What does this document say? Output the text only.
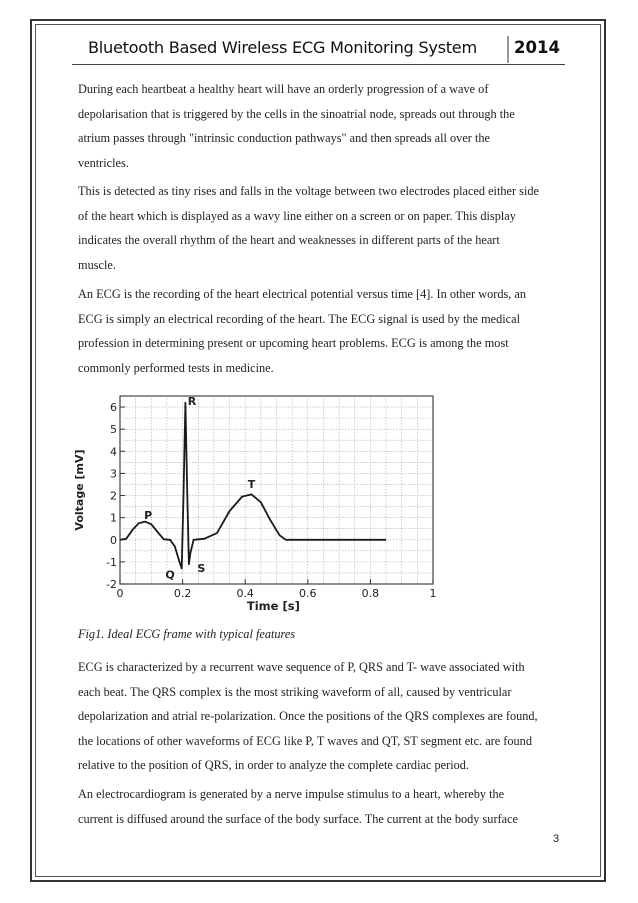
Bluetooth Based Wireless ECG Monitoring System 2014

During each heartbeat a healthy heart will have an orderly progression of a wave of
depolarisation that is triggered by the cells in the sinoatrial node, spreads out through the
atrium passes through "intrinsic conduction pathways" and then spreads all over the
ventricles.

This is detected as tiny rises and falls in the voltage between two electrodes placed either side
of the heart which is displayed as a wavy line either on a screen or on paper. This display
indicates the overall rhythm of the heart and weaknesses in different parts of the heart
muscle.

An ECG is the recording of the heart electrical potential versus time [4]. In other words, an
ECG is simply an electrical recording of the heart. The ECG signal is used by the medical
profession in determining present or upcoming heart problems. ECG is among the most
commonly performed tests in medicine.

-2
-1
0
1
2
3
4
5
6
0	0.2	0.4	0.6	0.8	1
Time [s]
Voltage [mV]	P
Q
R
S
T
Fig1. Ideal ECG frame with typical features

ECG is characterized by a recurrent wave sequence of P, QRS and T- wave associated with
each beat. The QRS complex is the most striking waveform of all, caused by ventricular
depolarization and atrial re-polarization. Once the positions of the QRS complexes are found,
the locations of other waveforms of ECG like P, T waves and QT, ST segment etc. are found
relative to the position of QRS, in order to analyze the complete cardiac period.

An electrocardiogram is generated by a nerve impulse stimulus to a heart, whereby the
current is diffused around the surface of the body surface. The current at the body surface

3
